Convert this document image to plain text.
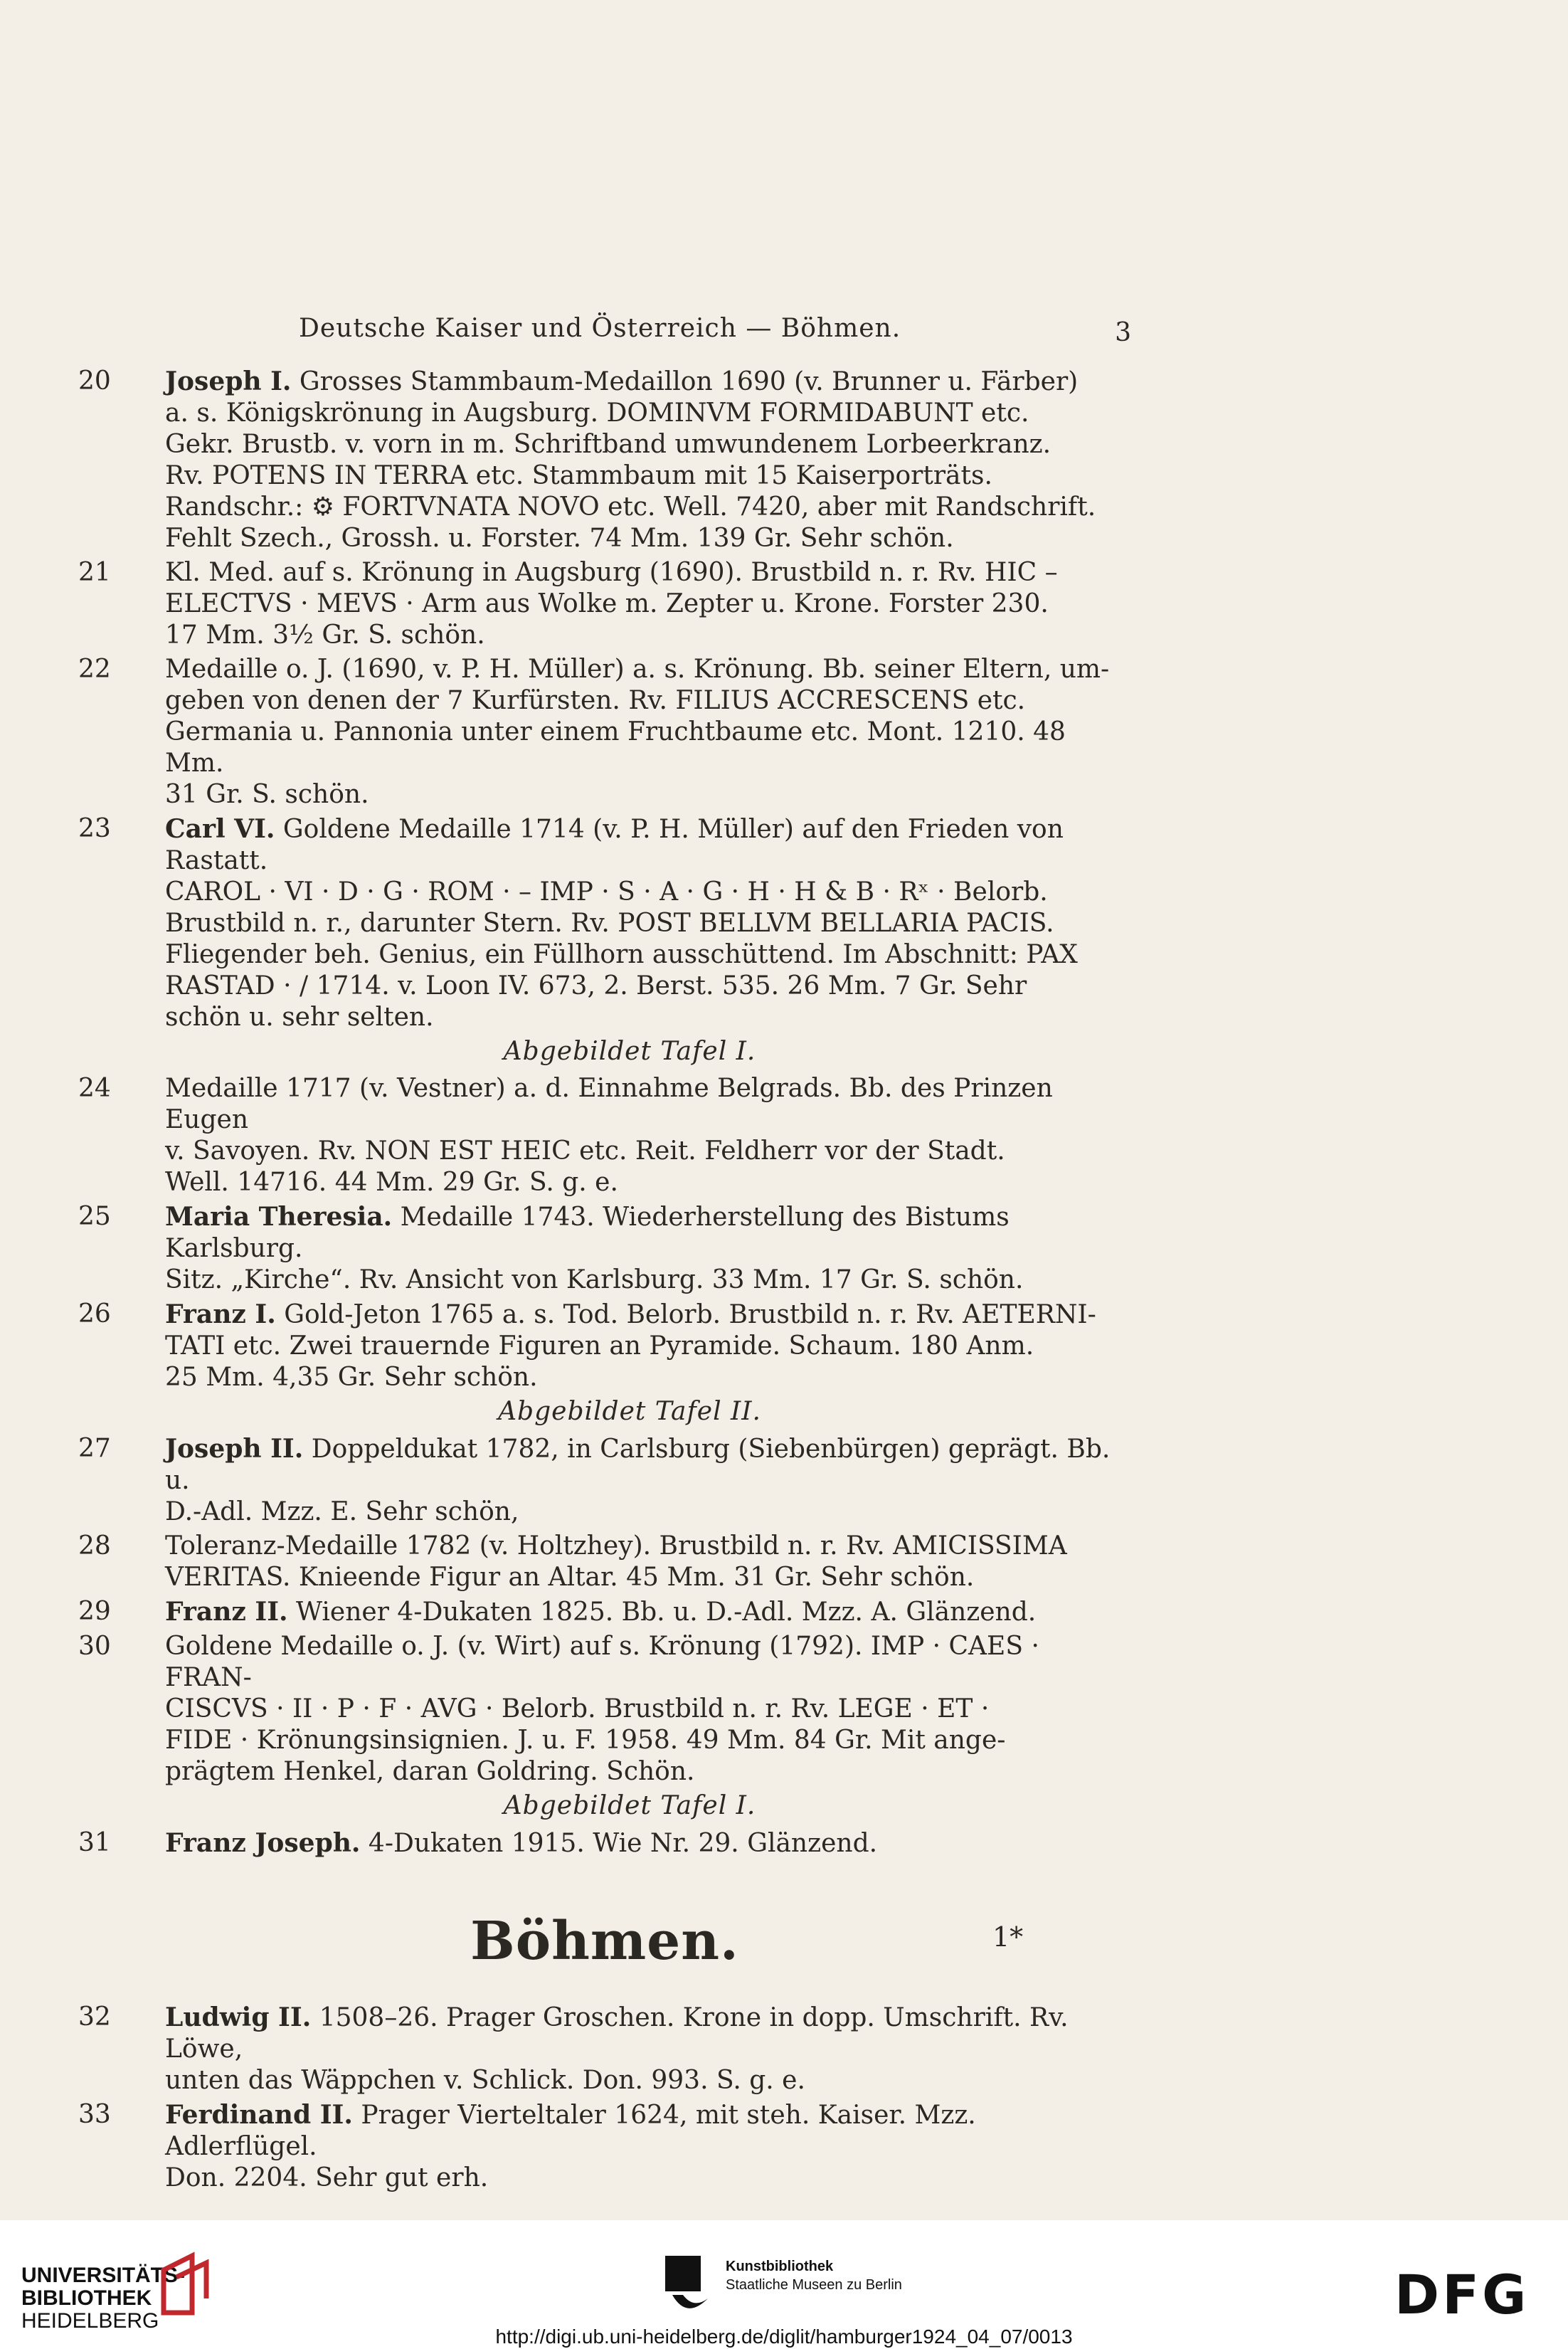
Deutsche Kaiser und Österreich — Böhmen.	3
20	Joseph I. Grosses Stammbaum-Medaillon 1690 (v. Brunner u. Färber)
a. s. Königskrönung in Augsburg. DOMINVM FORMIDABUNT etc.
Gekr. Brustb. v. vorn in m. Schriftband umwundenem Lorbeerkranz.
Rv. POTENS IN TERRA etc. Stammbaum mit 15 Kaiserporträts.
Randschr.: ⚙ FORTVNATA NOVO etc. Well. 7420, aber mit Randschrift.
Fehlt Szech., Grossh. u. Forster. 74 Mm. 139 Gr. Sehr schön.
21	Kl. Med. auf s. Krönung in Augsburg (1690). Brustbild n. r. Rv. HIC –
ELECTVS · MEVS · Arm aus Wolke m. Zepter u. Krone. Forster 230.
17 Mm. 3½ Gr. S. schön.
22	Medaille o. J. (1690, v. P. H. Müller) a. s. Krönung. Bb. seiner Eltern, um-
geben von denen der 7 Kurfürsten. Rv. FILIUS ACCRESCENS etc.
Germania u. Pannonia unter einem Fruchtbaume etc. Mont. 1210. 48 Mm.
31 Gr. S. schön.
23	Carl VI. Goldene Medaille 1714 (v. P. H. Müller) auf den Frieden von Rastatt.
CAROL · VI · D · G · ROM · – IMP · S · A · G · H · H & B · Rˣ · Belorb.
Brustbild n. r., darunter Stern. Rv. POST BELLVM BELLARIA PACIS.
Fliegender beh. Genius, ein Füllhorn ausschüttend. Im Abschnitt: PAX
RASTAD · / 1714. v. Loon IV. 673, 2. Berst. 535. 26 Mm. 7 Gr. Sehr
schön u. sehr selten.
Abgebildet Tafel I.
24	Medaille 1717 (v. Vestner) a. d. Einnahme Belgrads. Bb. des Prinzen Eugen
v. Savoyen. Rv. NON EST HEIC etc. Reit. Feldherr vor der Stadt.
Well. 14716. 44 Mm. 29 Gr. S. g. e.
25	Maria Theresia. Medaille 1743. Wiederherstellung des Bistums Karlsburg.
Sitz. „Kirche“. Rv. Ansicht von Karlsburg. 33 Mm. 17 Gr. S. schön.
26	Franz I. Gold-Jeton 1765 a. s. Tod. Belorb. Brustbild n. r. Rv. AETERNI-
TATI etc. Zwei trauernde Figuren an Pyramide. Schaum. 180 Anm.
25 Mm. 4,35 Gr. Sehr schön.
Abgebildet Tafel II.
27	Joseph II. Doppeldukat 1782, in Carlsburg (Siebenbürgen) geprägt. Bb. u.
D.-Adl. Mzz. E. Sehr schön,
28	Toleranz-Medaille 1782 (v. Holtzhey). Brustbild n. r. Rv. AMICISSIMA
VERITAS. Knieende Figur an Altar. 45 Mm. 31 Gr. Sehr schön.
29	Franz II. Wiener 4-Dukaten 1825. Bb. u. D.-Adl. Mzz. A. Glänzend.
30	Goldene Medaille o. J. (v. Wirt) auf s. Krönung (1792). IMP · CAES · FRAN-
CISCVS · II · P · F · AVG · Belorb. Brustbild n. r. Rv. LEGE · ET ·
FIDE · Krönungsinsignien. J. u. F. 1958. 49 Mm. 84 Gr. Mit ange-
prägtem Henkel, daran Goldring. Schön.
Abgebildet Tafel I.
31	Franz Joseph. 4-Dukaten 1915. Wie Nr. 29. Glänzend.
Böhmen.
32	Ludwig II. 1508–26. Prager Groschen. Krone in dopp. Umschrift. Rv. Löwe,
unten das Wäppchen v. Schlick. Don. 993. S. g. e.
33	Ferdinand II. Prager Vierteltaler 1624, mit steh. Kaiser. Mzz. Adlerflügel.
Don. 2204. Sehr gut erh.
1*
UNIVERSITÄTS-
BIBLIOTHEK
HEIDELBERG
Kunstbibliothek
Staatliche Museen zu Berlin	DFG
http://digi.ub.uni-heidelberg.de/diglit/hamburger1924_04_07/0013
